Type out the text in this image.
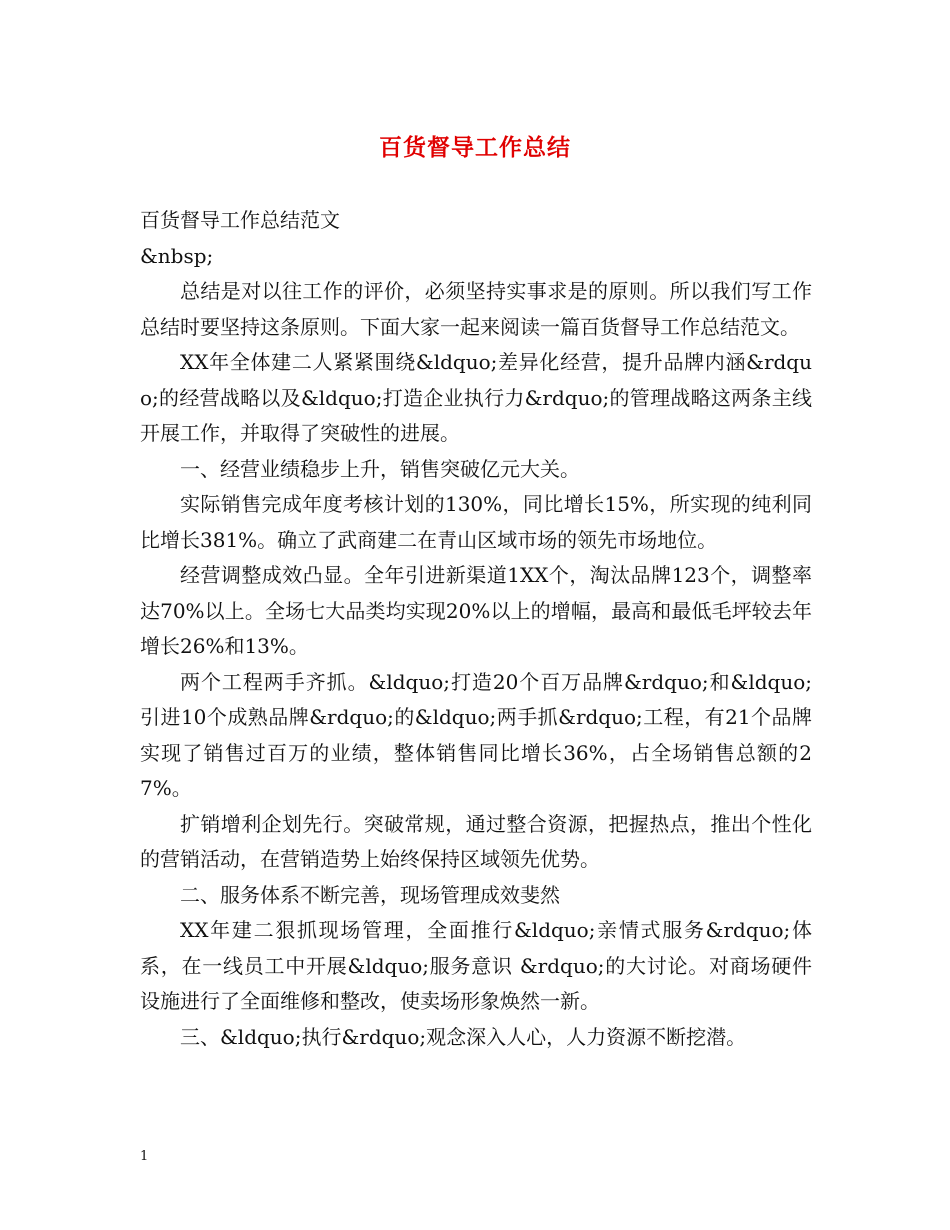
百货督导工作总结

百货督导工作总结范文

&nbsp;

总结是对以往工作的评价，必须坚持实事求是的原则。所以我们写工作总结时要坚持这条原则。下面大家一起来阅读一篇百货督导工作总结范文。

XX年全体建二人紧紧围绕&ldquo;差异化经营，提升品牌内涵&rdquo;的经营战略以及&ldquo;打造企业执行力&rdquo;的管理战略这两条主线开展工作，并取得了突破性的进展。

一、经营业绩稳步上升，销售突破亿元大关。

实际销售完成年度考核计划的130%，同比增长15%，所实现的纯利同比增长381%。确立了武商建二在青山区域市场的领先市场地位。

经营调整成效凸显。全年引进新渠道1XX个，淘汰品牌123个，调整率达70%以上。全场七大品类均实现20%以上的增幅，最高和最低毛坪较去年增长26%和13%。

两个工程两手齐抓。&ldquo;打造20个百万品牌&rdquo;和&ldquo;引进10个成熟品牌&rdquo;的&ldquo;两手抓&rdquo;工程，有21个品牌实现了销售过百万的业绩，整体销售同比增长36%，占全场销售总额的27%。

扩销增利企划先行。突破常规，通过整合资源，把握热点，推出个性化的营销活动，在营销造势上始终保持区域领先优势。

二、服务体系不断完善，现场管理成效斐然

XX年建二狠抓现场管理，全面推行&ldquo;亲情式服务&rdquo;体系，在一线员工中开展&ldquo;服务意识 &rdquo;的大讨论。对商场硬件设施进行了全面维修和整改，使卖场形象焕然一新。

三、&ldquo;执行&rdquo;观念深入人心，人力资源不断挖潜。

1
